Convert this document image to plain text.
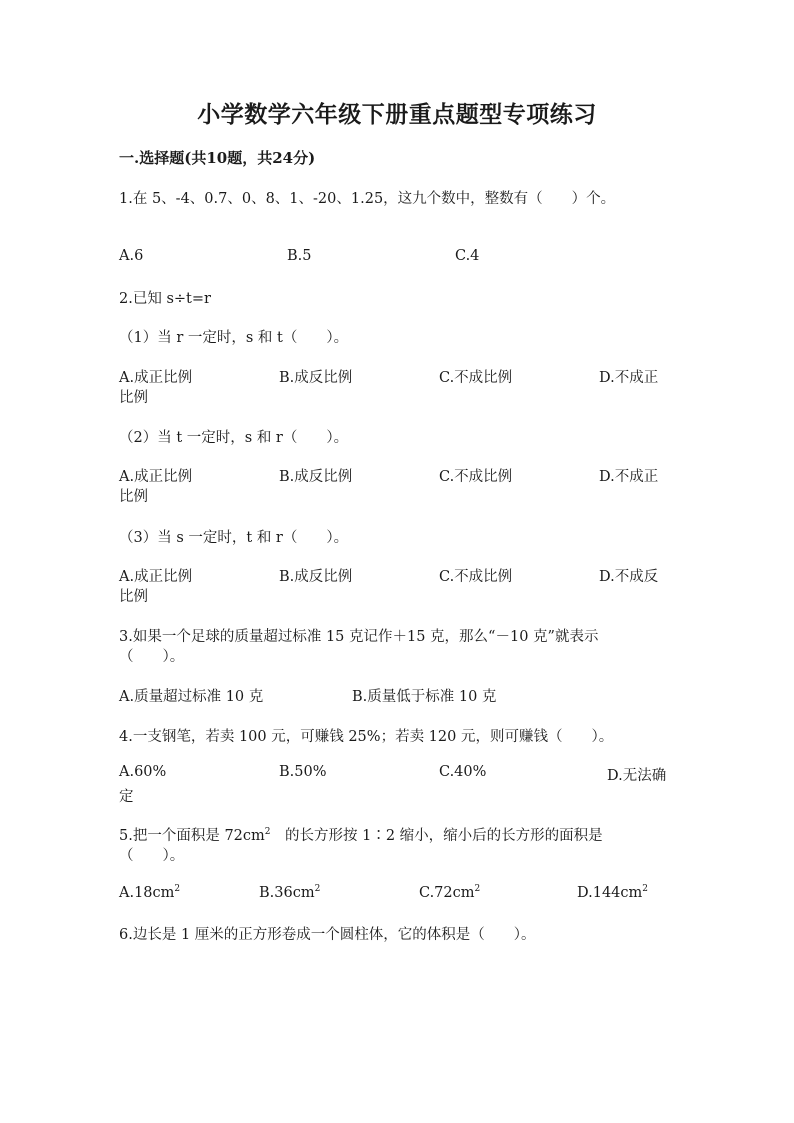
小学数学六年级下册重点题型专项练习
一.选择题(共10题，共24分)
1.在 5、-4、0.7、0、8、1、-20、1.25，这九个数中，整数有（　　）个。
A.6	B.5	C.4
2.已知 s÷t=r
（1）当 r 一定时，s 和 t（　　）。
A.成正比例	B.成反比例	C.不成比例	D.不成正
比例
（2）当 t 一定时，s 和 r（　　）。
A.成正比例	B.成反比例	C.不成比例	D.不成正
比例
（3）当 s 一定时，t 和 r（　　）。
A.成正比例	B.成反比例	C.不成比例	D.不成反
比例
3.如果一个足球的质量超过标准 15 克记作＋15 克，那么“－10 克”就表示
（　　）。
A.质量超过标准 10 克	B.质量低于标准 10 克
4.一支钢笔，若卖 100 元，可赚钱 25%；若卖 120 元，则可赚钱（　　）。
A.60%	B.50%	C.40%	D.无法确
定
5.把一个面积是 $72cm^2$　的长方形按 1∶2 缩小，缩小后的长方形的面积是
（　　）。
$A.18cm^2$	$B.36cm^2$	$C.72cm^2$	$D.144cm^2$
6.边长是 1 厘米的正方形卷成一个圆柱体，它的体积是（　　）。
